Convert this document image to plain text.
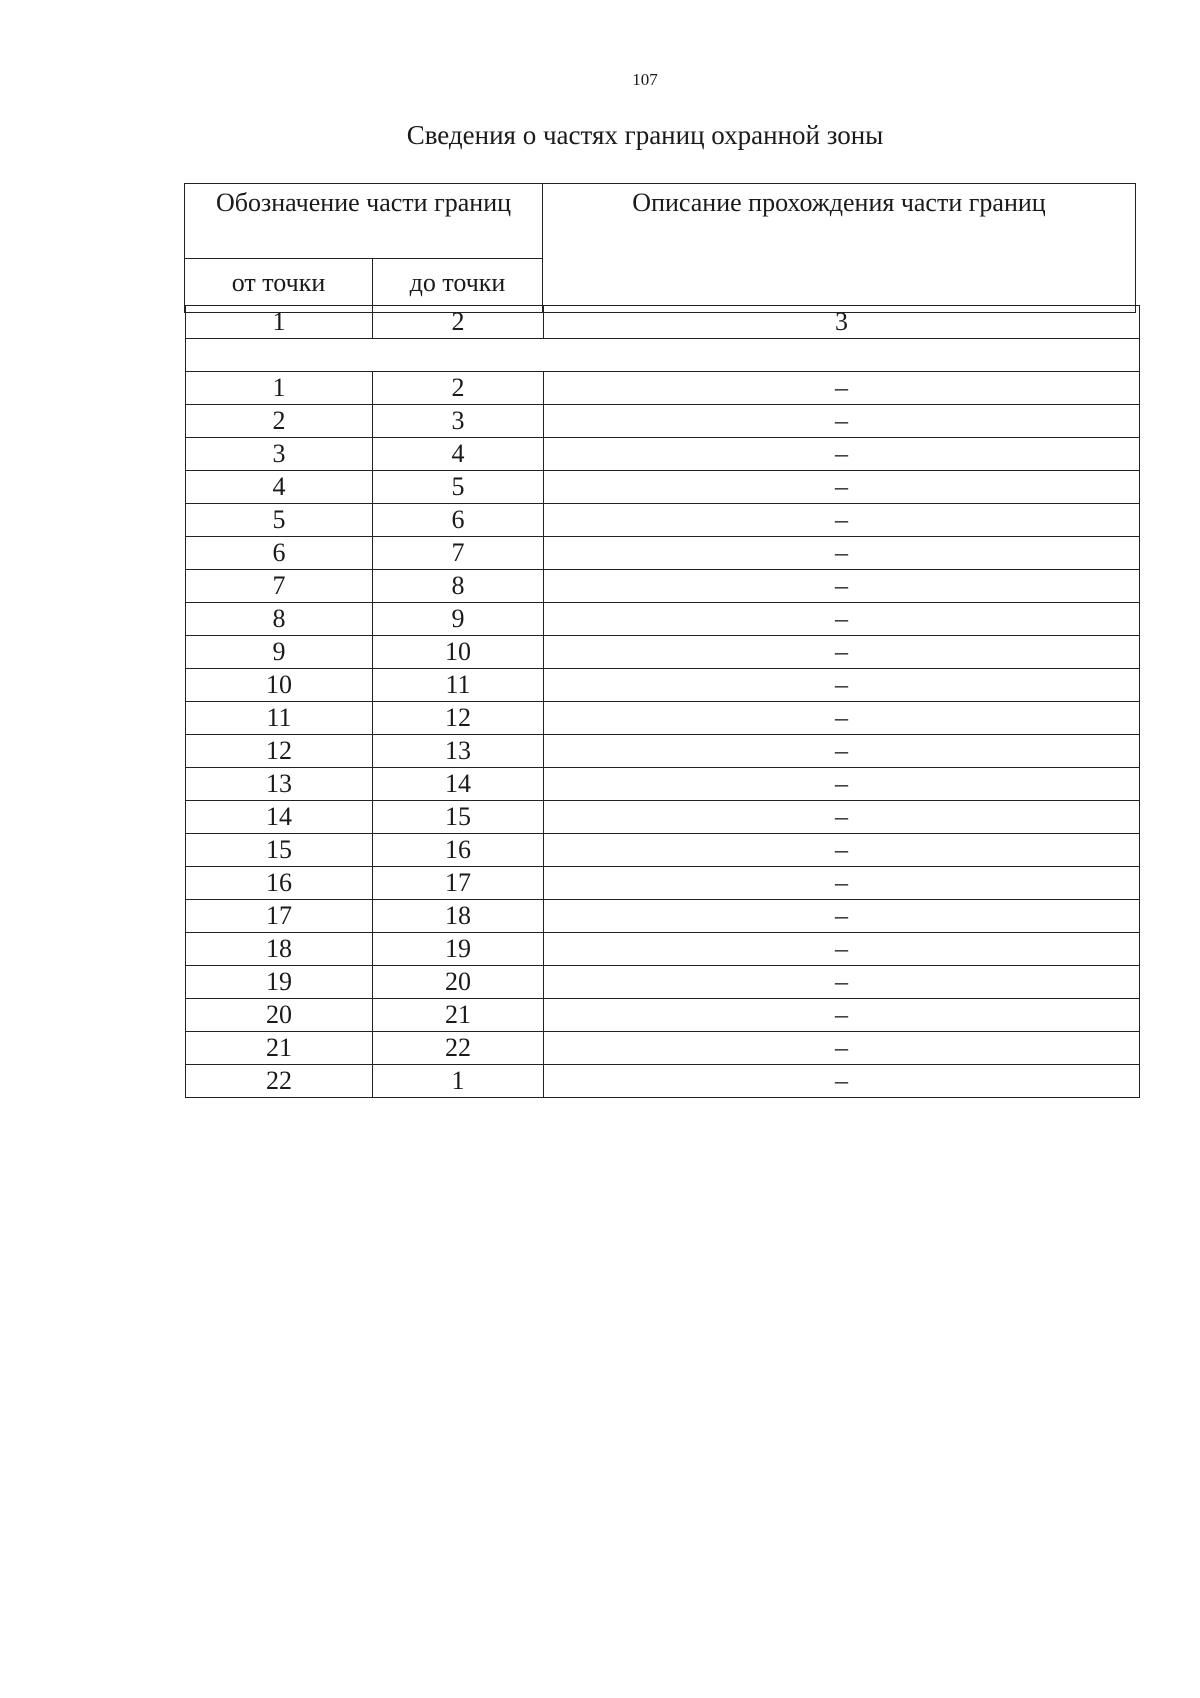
107
Сведения о частях границ охранной зоны
Обозначение части границ		Описание прохождения части границ
от точки	до точки	
1	2	3

1	2	–
2	3	–
3	4	–
4	5	–
5	6	–
6	7	–
7	8	–
8	9	–
9	10	–
10	11	–
11	12	–
12	13	–
13	14	–
14	15	–
15	16	–
16	17	–
17	18	–
18	19	–
19	20	–
20	21	–
21	22	–
22	1	–
